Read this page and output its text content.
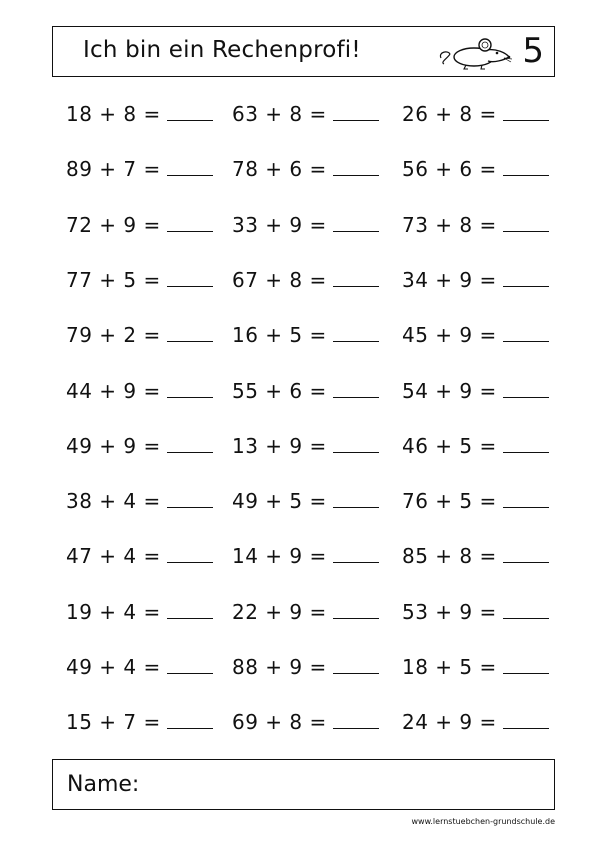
Ich bin ein Rechenprofi!	5
18 + 8 =	63 + 8 =	26 + 8 =
89 + 7 =	78 + 6 =	56 + 6 =
72 + 9 =	33 + 9 =	73 + 8 =
77 + 5 =	67 + 8 =	34 + 9 =
79 + 2 =	16 + 5 =	45 + 9 =
44 + 9 =	55 + 6 =	54 + 9 =
49 + 9 =	13 + 9 =	46 + 5 =
38 + 4 =	49 + 5 =	76 + 5 =
47 + 4 =	14 + 9 =	85 + 8 =
19 + 4 =	22 + 9 =	53 + 9 =
49 + 4 =	88 + 9 =	18 + 5 =
15 + 7 =	69 + 8 =	24 + 9 =
Name:
www.lernstuebchen-grundschule.de
